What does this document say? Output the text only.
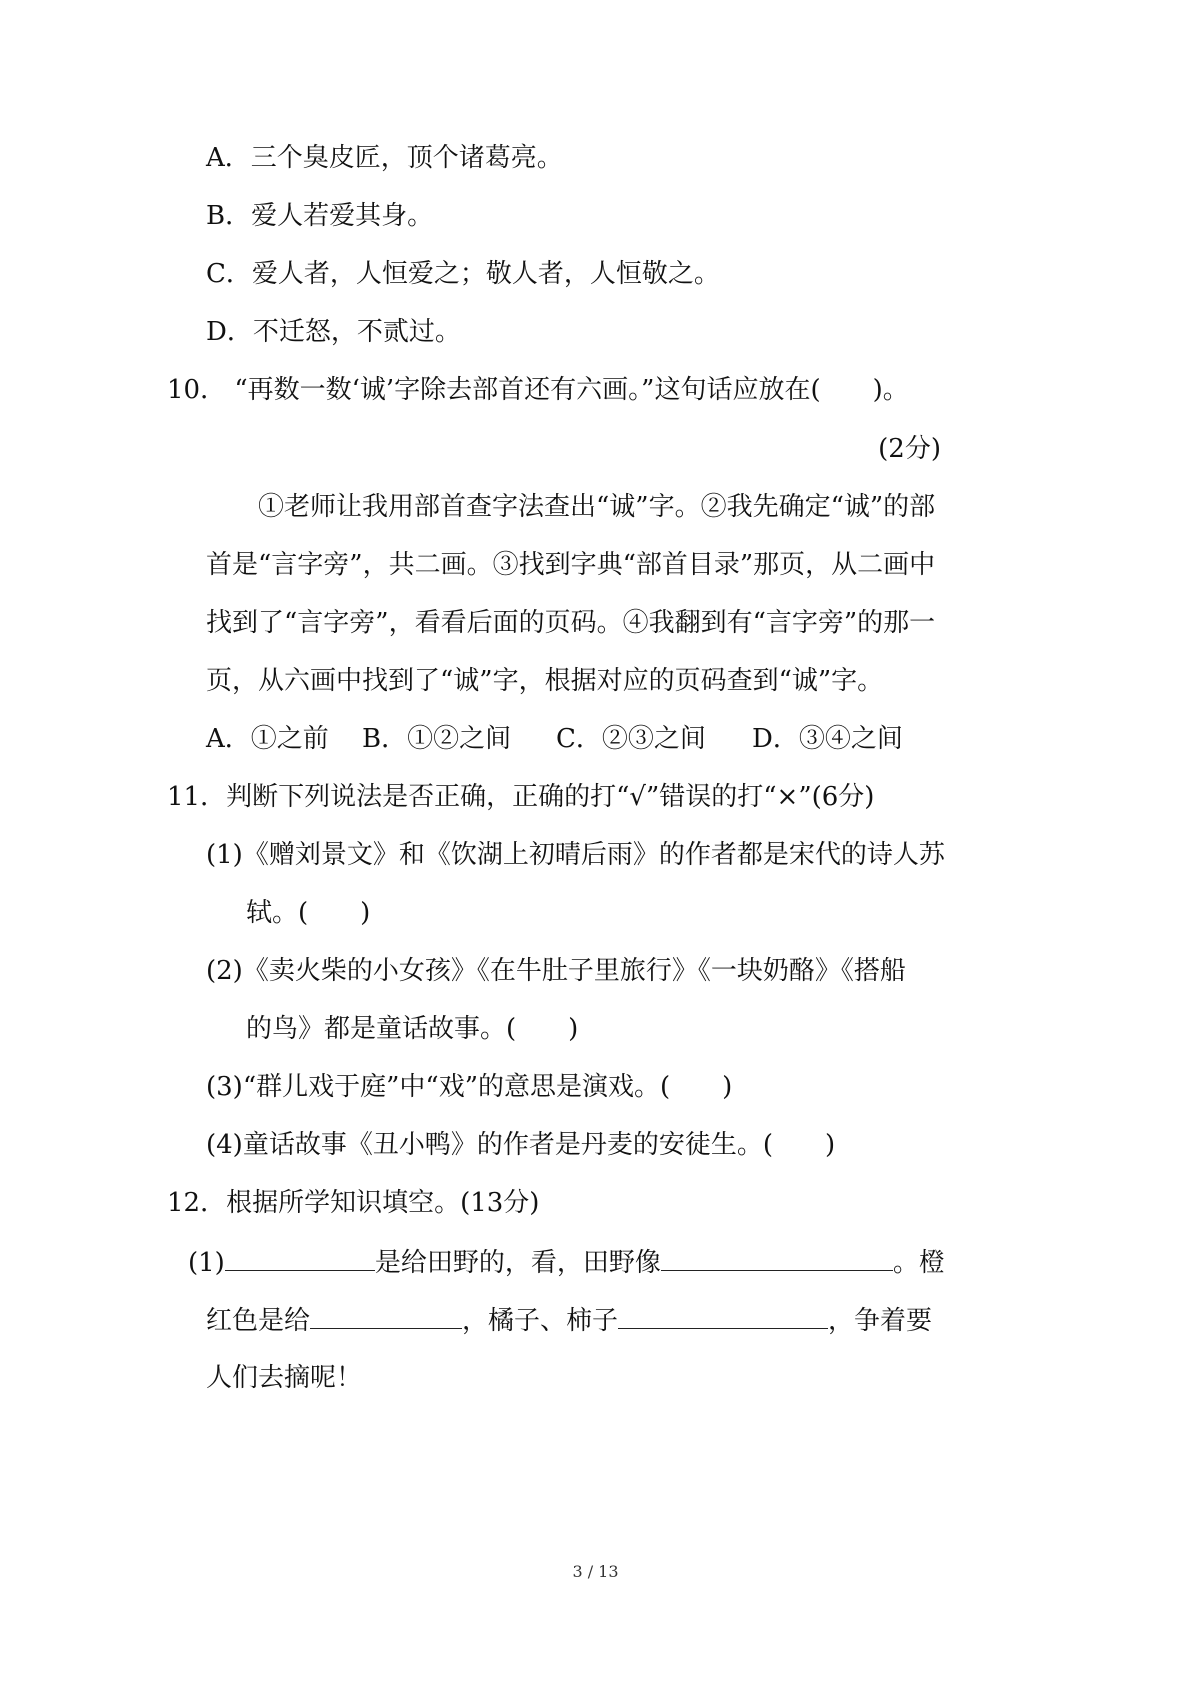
A．三个臭皮匠，顶个诸葛亮。
B．爱人若爱其身。
C．爱人者，人恒爱之；敬人者，人恒敬之。
D．不迁怒，不贰过。
10． “再数一数‘诚’字除去部首还有六画。”这句话应放在(　　)。
(2分)
①老师让我用部首查字法查出“诚”字。②我先确定“诚”的部
首是“言字旁”，共二画。③找到字典“部首目录”那页，从二画中
找到了“言字旁”，看看后面的页码。④我翻到有“言字旁”的那一
页，从六画中找到了“诚”字，根据对应的页码查到“诚”字。
A．①之前 B．①②之间 C．②③之间 D．③④之间
11．判断下列说法是否正确，正确的打“√”错误的打“×”(6分)
(1)《赠刘景文》和《饮湖上初晴后雨》的作者都是宋代的诗人苏
轼。(　　)
(2)《卖火柴的小女孩》《在牛肚子里旅行》《一块奶酪》《搭船
的鸟》都是童话故事。(　　)
(3)“群儿戏于庭”中“戏”的意思是演戏。(　　)
(4)童话故事《丑小鸭》的作者是丹麦的安徒生。(　　)
12．根据所学知识填空。(13分)
(1)	是给田野的，看，田野像	。橙
红色是给	，橘子、柿子	，争着要
人们去摘呢！
3 / 13
